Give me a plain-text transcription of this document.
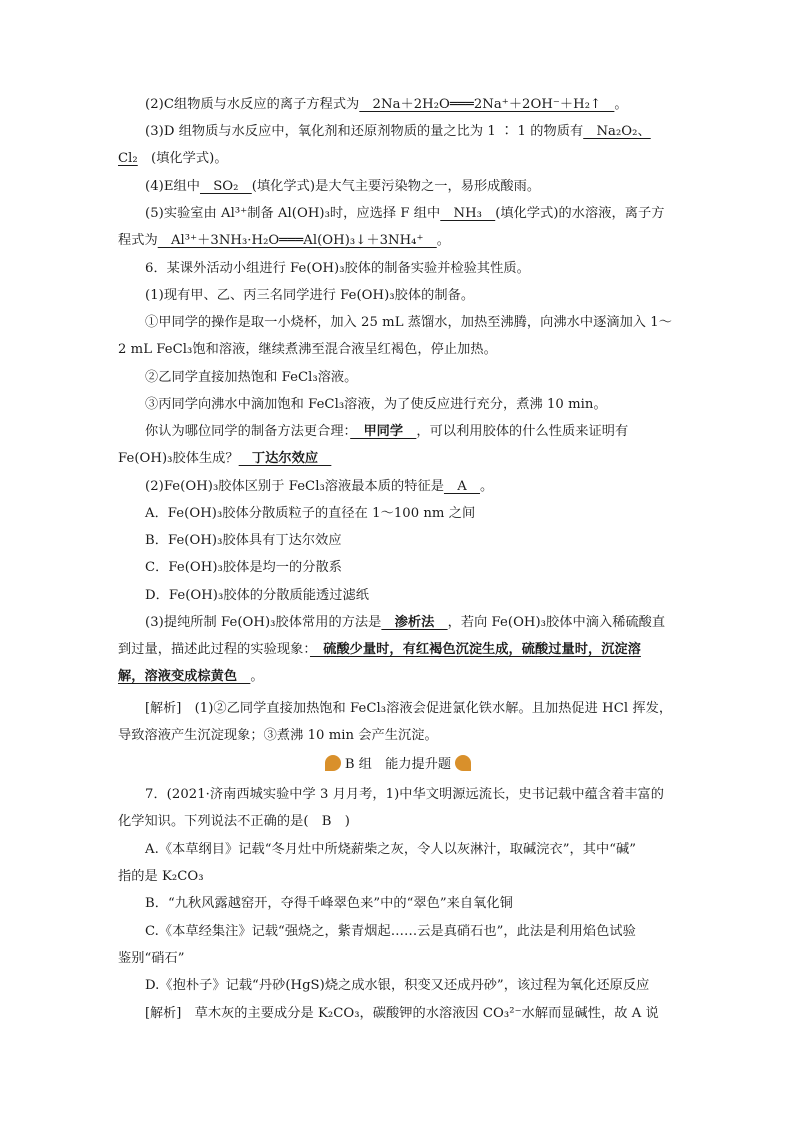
(2)C组物质与水反应的离子方程式为　2Na＋2H₂O═══2Na⁺＋2OH⁻＋H₂↑　。
(3)D 组物质与水反应中，氧化剂和还原剂物质的量之比为 1 ∶ 1 的物质有　Na₂O₂、
Cl₂　 (填化学式)。
(4)E组中　SO₂　(填化学式)是大气主要污染物之一，易形成酸雨。
(5)实验室由 Al³⁺制备 Al(OH)₃时，应选择 F 组中　NH₃　(填化学式)的水溶液，离子方
程式为　Al³⁺＋3NH₃·H₂O═══Al(OH)₃↓＋3NH₄⁺　。
6．某课外活动小组进行 Fe(OH)₃胶体的制备实验并检验其性质。
(1)现有甲、乙、丙三名同学进行 Fe(OH)₃胶体的制备。
①甲同学的操作是取一小烧杯，加入 25 mL 蒸馏水，加热至沸腾，向沸水中逐滴加入 1～
2 mL FeCl₃饱和溶液，继续煮沸至混合液呈红褐色，停止加热。
②乙同学直接加热饱和 FeCl₃溶液。
③丙同学向沸水中滴加饱和 FeCl₃溶液，为了使反应进行充分，煮沸 10 min。
你认为哪位同学的制备方法更合理：　甲同学　，可以利用胶体的什么性质来证明有
Fe(OH)₃胶体生成？　丁达尔效应　
(2)Fe(OH)₃胶体区别于 FeCl₃溶液最本质的特征是　A　。
A．Fe(OH)₃胶体分散质粒子的直径在 1～100 nm 之间
B．Fe(OH)₃胶体具有丁达尔效应
C．Fe(OH)₃胶体是均一的分散系
D．Fe(OH)₃胶体的分散质能透过滤纸
(3)提纯所制 Fe(OH)₃胶体常用的方法是　渗析法　，若向 Fe(OH)₃胶体中滴入稀硫酸直
到过量，描述此过程的实验现象：　硫酸少量时，有红褐色沉淀生成，硫酸过量时，沉淀溶
解，溶液变成棕黄色　。
[解析]　(1)②乙同学直接加热饱和 FeCl₃溶液会促进氯化铁水解。且加热促进 HCl 挥发，
导致溶液产生沉淀现象；③煮沸 10 min 会产生沉淀。
B 组　能力提升题
7．(2021·济南西城实验中学 3 月月考，1)中华文明源远流长，史书记载中蕴含着丰富的
化学知识。下列说法不正确的是(　B　)
A.《本草纲目》记载“冬月灶中所烧薪柴之灰，令人以灰淋汁，取碱浣衣”，其中“碱”
指的是 K₂CO₃
B．“九秋风露越窑开，夺得千峰翠色来”中的“翠色”来自氧化铜
C.《本草经集注》记载“强烧之，紫青烟起……云是真硝石也”，此法是利用焰色试验
鉴别“硝石”
D.《抱朴子》记载“丹砂(HgS)烧之成水银，积变又还成丹砂”，该过程为氧化还原反应
[解析]　草木灰的主要成分是 K₂CO₃，碳酸钾的水溶液因 CO₃²⁻水解而显碱性，故 A 说
